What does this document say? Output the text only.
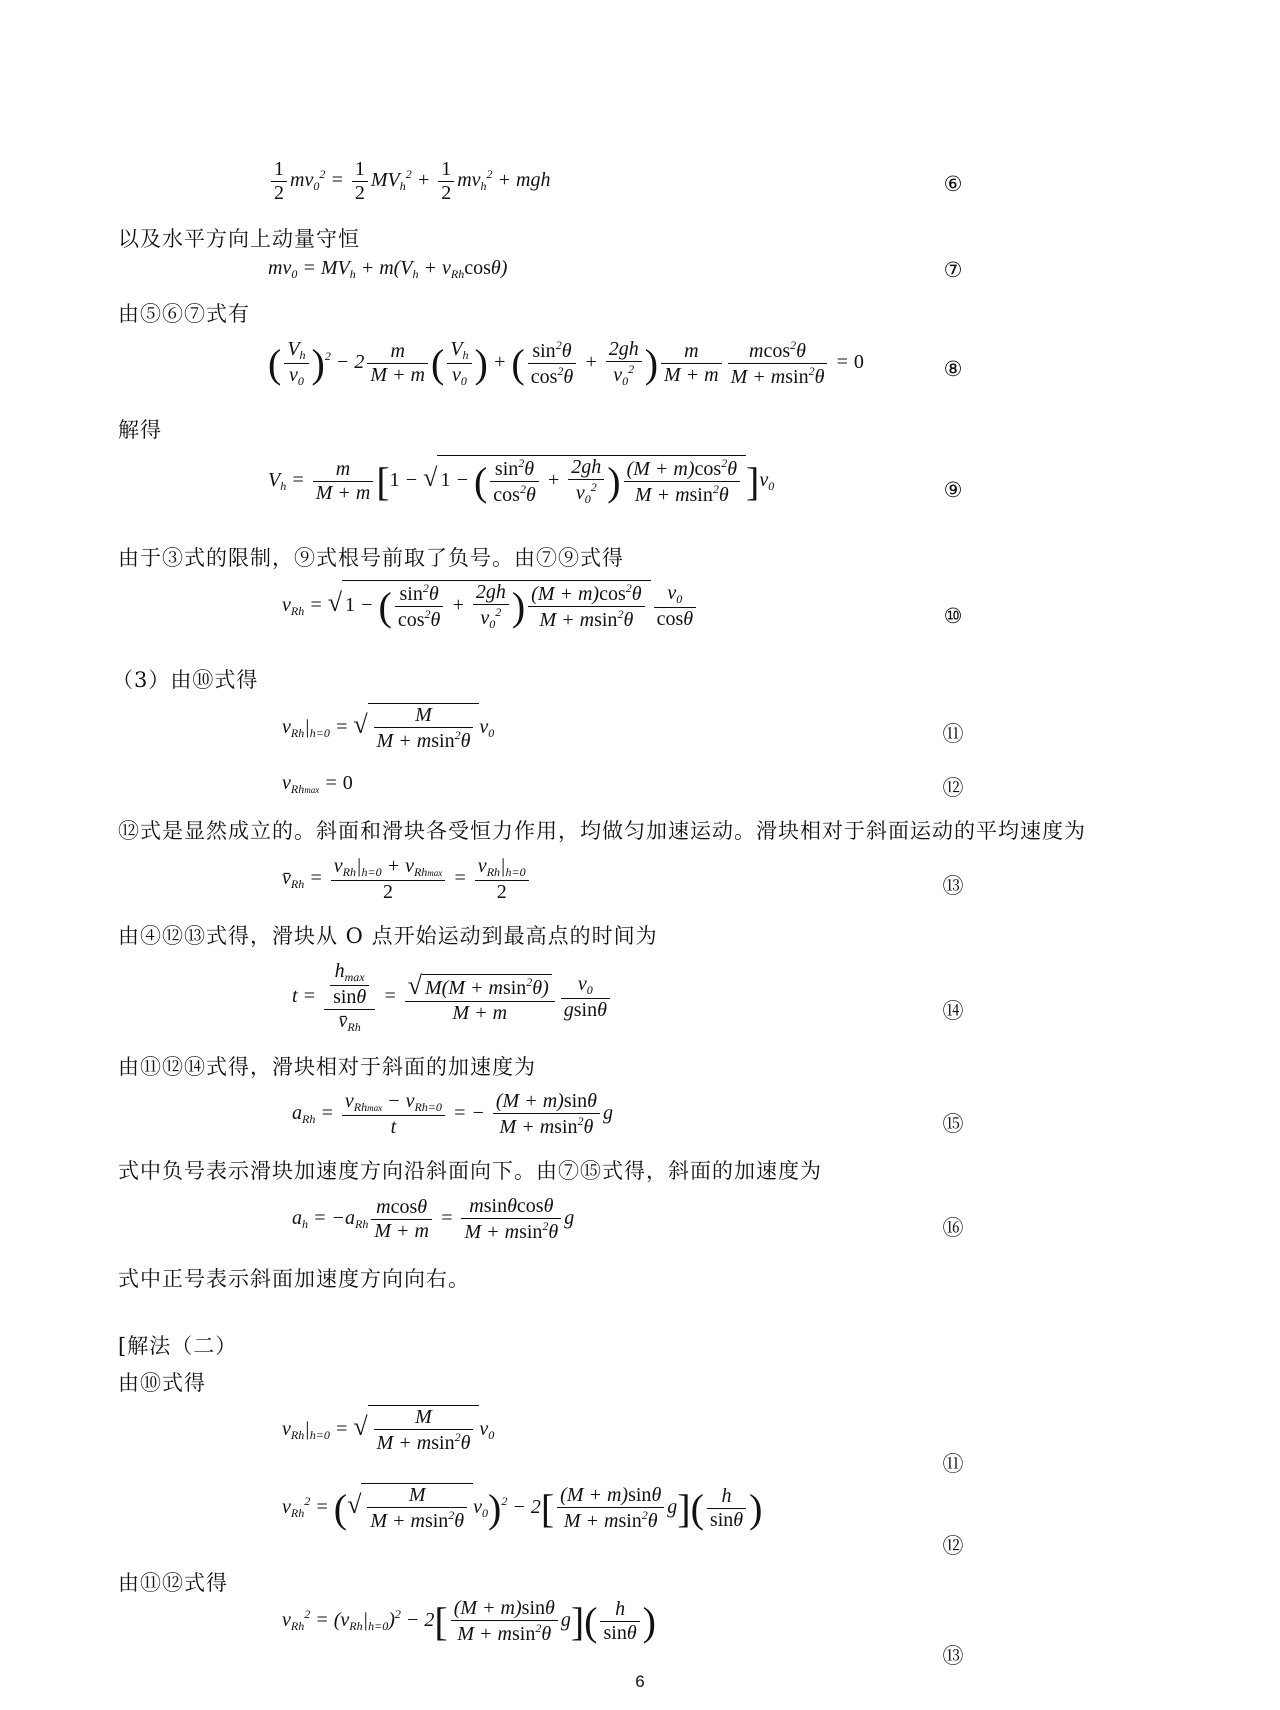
$\frac{1}{2} mv_0^2 = \frac{1}{2} MV_h^2 + \frac{1}{2} mv_h^2$ + mgh	⑥
以及水平方向上动量守恒
$mv_0 = MV_h + m(V_h + v_{Rh}\cos\theta)$	⑦
由⑤⑥⑦式有
( $\frac{V_h}{v_0} )^2 - 2 \frac{m}{M + m}$ ( $\frac{V_h}{v_0}$ ) + ( $\frac{\sin^2\theta}{\cos^2\theta} + \frac{2gh}{v_0^2}$ ) $\frac{m}{M + m} \frac{mcos^2\theta}{M + msin^2\theta} = 0$	⑧
解得
$V_h = \frac{m}{M + m} [1$ − √ 1 − ( $\frac{\sin^2\theta}{\cos^2\theta} + \frac{2gh}{v_0^2}$ ) $\frac{(M + m)\cos^2\theta}{M + msin^2\theta} ]v_0$	⑨
由于③式的限制，⑨式根号前取了负号。由⑦⑨式得
$v_{Rh}$ = √ 1 − ( $\frac{\sin^2\theta}{\cos^2\theta} + \frac{2gh}{v_0^2}$ ) $\frac{(M + m)\cos^2\theta}{M + msin^2\theta} \frac{v_0}{\cos\theta}$	⑩
（3）由⑩式得
$v_{Rh}|_{h=0}$ = √ $\frac{M}{M + msin^2\theta} v_0$	⑪
$v_{Rhmax} = 0$	⑫
⑫式是显然成立的。斜面和滑块各受恒力作用，均做匀加速运动。滑块相对于斜面运动的平均速度为
$v̄_{Rh} = \frac{v_{Rh}|_{h=0} + v_{Rhmax}}{2} = \frac{v_{Rh}|_{h=0}}{2}$	⑬
由④⑫⑬式得，滑块从 O 点开始运动到最高点的时间为
$t = \frac{\frac{h_{max}}{\sin\theta}}{v̄_{Rh}} = \frac{√ M(M + msin^2\theta)}{M + m} \frac{v_0}{gsin\theta}$	⑭
由⑪⑫⑭式得，滑块相对于斜面的加速度为
$a_{Rh} = \frac{v_{Rhmax} - v_{Rh=0}}{t}$ = − $\frac{(M + m)\sin\theta}{M + msin^2\theta}$ g	⑮
式中负号表示滑块加速度方向沿斜面向下。由⑦⑮式得，斜面的加速度为
$a_h = -a_{Rh} \frac{mcos\theta}{M + m} = \frac{msin\theta\cos\theta}{M + msin^2\theta}$ g	⑯
式中正号表示斜面加速度方向向右。
[解法（二）
由⑩式得
$v_{Rh}|_{h=0}$ = √ $\frac{M}{M + msin^2\theta} v_0$
⑪
$v_{Rh}^2$ = (√ $\frac{M}{M + msin^2\theta} v_0)^2 - 2[ \frac{(M + m)\sin\theta}{M + msin^2\theta} g]( \frac{h}{\sin\theta}$ )
⑫
由⑪⑫式得
$v_{Rh}^2 = (v_{Rh}|_{h=0})^2 - 2[ \frac{(M + m)\sin\theta}{M + msin^2\theta} g]( \frac{h}{\sin\theta}$ )
⑬
6
